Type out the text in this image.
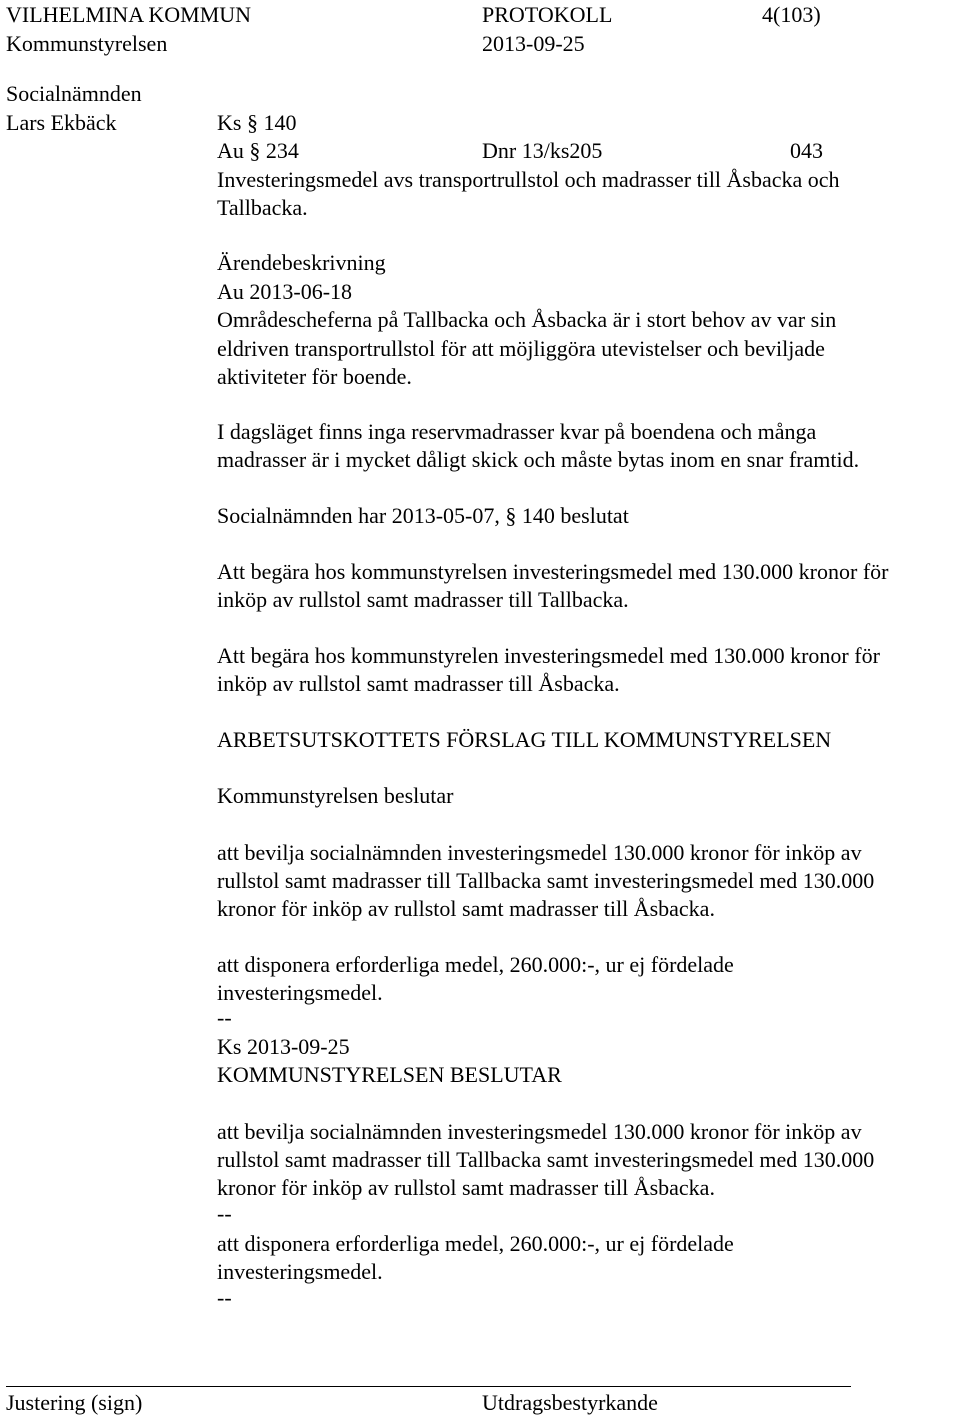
VILHELMINA KOMMUN	PROTOKOLL	4(103)
Kommunstyrelsen	2013-09-25
Socialnämnden
Lars Ekbäck	Ks § 140
Au § 234	Dnr 13/ks205	043
Investeringsmedel avs transportrullstol och madrasser till Åsbacka och
Tallbacka.
Ärendebeskrivning
Au 2013-06-18
Områdescheferna på Tallbacka och Åsbacka är i stort behov av var sin
eldriven transportrullstol för att möjliggöra utevistelser och beviljade
aktiviteter för boende.
I dagsläget finns inga reservmadrasser kvar på boendena och många
madrasser är i mycket dåligt skick och måste bytas inom en snar framtid.
Socialnämnden har 2013-05-07, § 140 beslutat
Att begära hos kommunstyrelsen investeringsmedel med 130.000 kronor för
inköp av rullstol samt madrasser till Tallbacka.
Att begära hos kommunstyrelen investeringsmedel med 130.000 kronor för
inköp av rullstol samt madrasser till Åsbacka.
ARBETSUTSKOTTETS FÖRSLAG TILL KOMMUNSTYRELSEN
Kommunstyrelsen beslutar
att bevilja socialnämnden investeringsmedel 130.000 kronor för inköp av
rullstol samt madrasser till Tallbacka samt investeringsmedel med 130.000
kronor för inköp av rullstol samt madrasser till Åsbacka.
att disponera erforderliga medel, 260.000:-, ur ej fördelade
investeringsmedel.
--
Ks 2013-09-25
KOMMUNSTYRELSEN BESLUTAR
att bevilja socialnämnden investeringsmedel 130.000 kronor för inköp av
rullstol samt madrasser till Tallbacka samt investeringsmedel med 130.000
kronor för inköp av rullstol samt madrasser till Åsbacka.
--
att disponera erforderliga medel, 260.000:-, ur ej fördelade
investeringsmedel.
--
Justering (sign)	Utdragsbestyrkande
